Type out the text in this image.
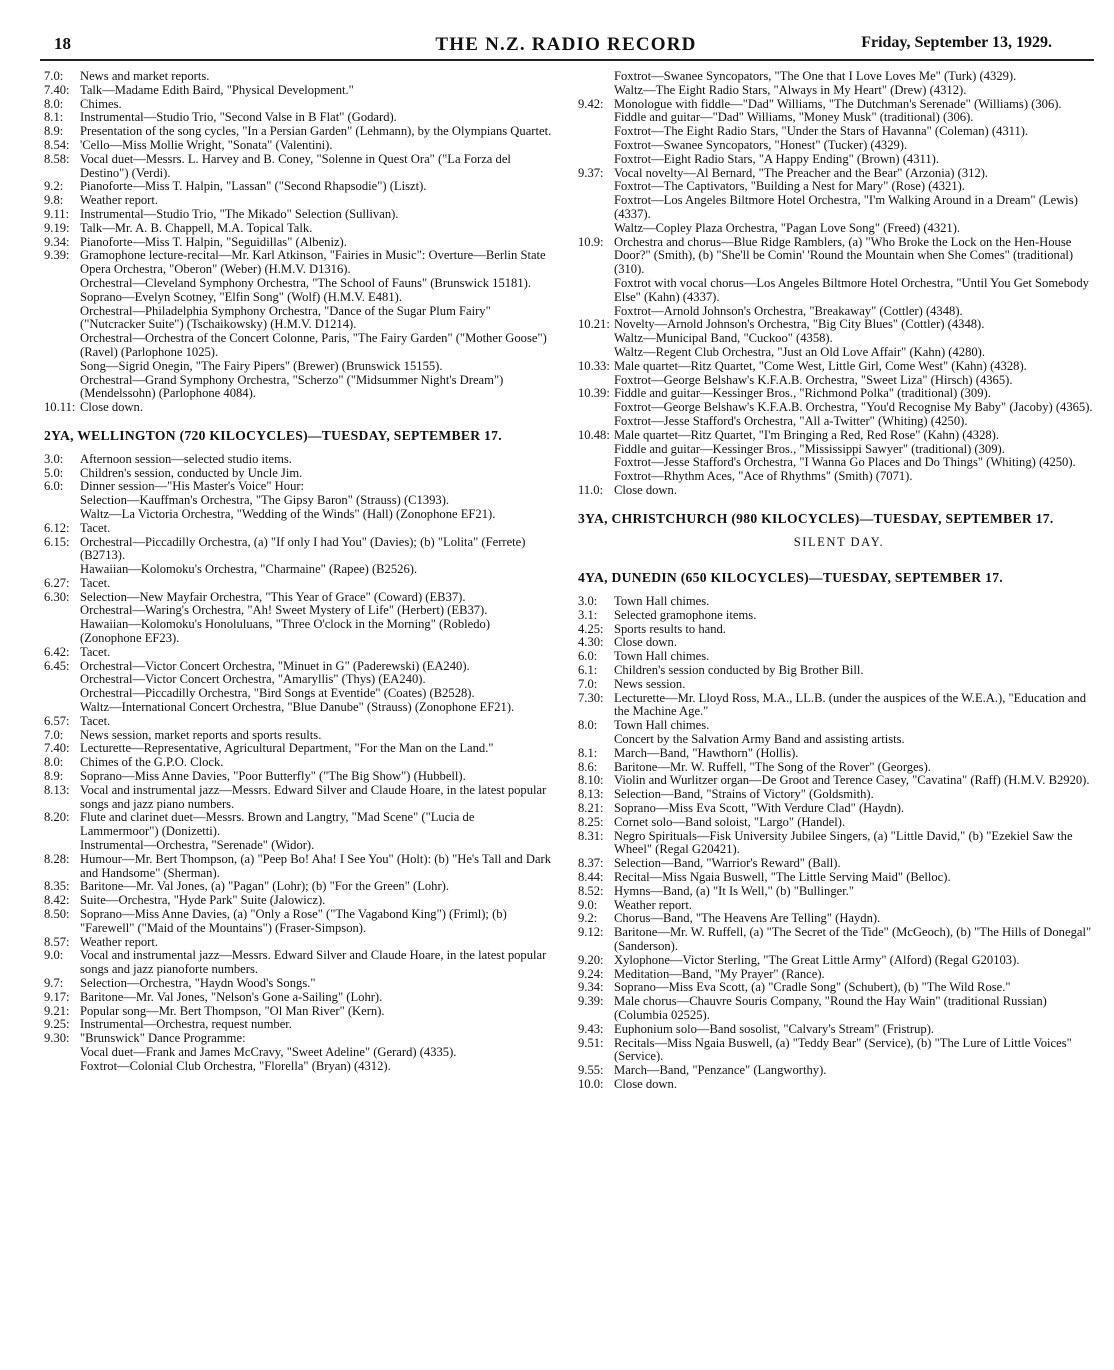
18	THE N.Z. RADIO RECORD	Friday, September 13, 1929.
7.0:	News and market reports.
7.40: Talk—Madame Edith Baird, "Physical Development."
8.0:	Chimes.
8.1:	Instrumental—Studio Trio, "Second Valse in B Flat" (Godard).
8.9:	Presentation of the song cycles, "In a Persian Garden" (Lehmann), by the Olympians Quartet.
8.54: 'Cello—Miss Mollie Wright, "Sonata" (Valentini).
8.58: Vocal duet—Messrs. L. Harvey and B. Coney, "Solenne in Quest Ora" ("La Forza del Destino") (Verdi).
9.2:	Pianoforte—Miss T. Halpin, "Lassan" ("Second Rhapsodie") (Liszt).
9.8:	Weather report.
9.11: Instrumental—Studio Trio, "The Mikado" Selection (Sullivan).
9.19: Talk—Mr. A. B. Chappell, M.A. Topical Talk.
9.34: Pianoforte—Miss T. Halpin, "Seguidillas" (Albeniz).
9.39: Gramophone lecture-recital—Mr. Karl Atkinson, "Fairies in Music": Overture—Berlin State Opera Orchestra, "Oberon" (Weber) (H.M.V. D1316).
Orchestral—Cleveland Symphony Orchestra, "The School of Fauns" (Brunswick 15181).
Soprano—Evelyn Scotney, "Elfin Song" (Wolf) (H.M.V. E481).
Orchestral—Philadelphia Symphony Orchestra, "Dance of the Sugar Plum Fairy" ("Nutcracker Suite") (Tschaikowsky) (H.M.V. D1214).
Orchestral—Orchestra of the Concert Colonne, Paris, "The Fairy Garden" ("Mother Goose") (Ravel) (Parlophone 1025).
Song—Sigrid Onegin, "The Fairy Pipers" (Brewer) (Brunswick 15155).
Orchestral—Grand Symphony Orchestra, "Scherzo" ("Midsummer Night's Dream") (Mendelssohn) (Parlophone 4084).
10.11: Close down.
2YA, WELLINGTON (720 KILOCYCLES)—TUESDAY, SEPTEMBER 17.
3.0:	Afternoon session—selected studio items.
5.0:	Children's session, conducted by Uncle Jim.
6.0:	Dinner session—"His Master's Voice" Hour:
Selection—Kauffman's Orchestra, "The Gipsy Baron" (Strauss) (C1393).
Waltz—La Victoria Orchestra, "Wedding of the Winds" (Hall) (Zonophone EF21).
6.12: Tacet.
6.15: Orchestral—Piccadilly Orchestra, (a) "If only I had You" (Davies); (b) "Lolita" (Ferrete) (B2713).
Hawaiian—Kolomoku's Orchestra, "Charmaine" (Rapee) (B2526).
6.27: Tacet.
6.30: Selection—New Mayfair Orchestra, "This Year of Grace" (Coward) (EB37).
Orchestral—Waring's Orchestra, "Ah! Sweet Mystery of Life" (Herbert) (EB37).
Hawaiian—Kolomoku's Honoluluans, "Three O'clock in the Morning" (Robledo) (Zonophone EF23).
6.42: Tacet.
6.45: Orchestral—Victor Concert Orchestra, "Minuet in G" (Paderewski) (EA240).
Orchestral—Victor Concert Orchestra, "Amaryllis" (Thys) (EA240).
Orchestral—Piccadilly Orchestra, "Bird Songs at Eventide" (Coates) (B2528).
Waltz—International Concert Orchestra, "Blue Danube" (Strauss) (Zonophone EF21).
6.57: Tacet.
7.0:	News session, market reports and sports results.
7.40: Lecturette—Representative, Agricultural Department, "For the Man on the Land."
8.0:	Chimes of the G.P.O. Clock.
8.9:	Soprano—Miss Anne Davies, "Poor Butterfly" ("The Big Show") (Hubbell).
8.13: Vocal and instrumental jazz—Messrs. Edward Silver and Claude Hoare, in the latest popular songs and jazz piano numbers.
8.20: Flute and clarinet duet—Messrs. Brown and Langtry, "Mad Scene" ("Lucia de Lammermoor") (Donizetti).
Instrumental—Orchestra, "Serenade" (Widor).
8.28: Humour—Mr. Bert Thompson, (a) "Peep Bo! Aha! I See You" (Holt): (b) "He's Tall and Dark and Handsome" (Sherman).
8.35: Baritone—Mr. Val Jones, (a) "Pagan" (Lohr); (b) "For the Green" (Lohr).
8.42: Suite—Orchestra, "Hyde Park" Suite (Jalowicz).
8.50: Soprano—Miss Anne Davies, (a) "Only a Rose" ("The Vagabond King") (Friml); (b) "Farewell" ("Maid of the Mountains") (Fraser-Simpson).
8.57: Weather report.
9.0:	Vocal and instrumental jazz—Messrs. Edward Silver and Claude Hoare, in the latest popular songs and jazz pianoforte numbers.
9.7:	Selection—Orchestra, "Haydn Wood's Songs."
9.17: Baritone—Mr. Val Jones, "Nelson's Gone a-Sailing" (Lohr).
9.21: Popular song—Mr. Bert Thompson, "Ol Man River" (Kern).
9.25: Instrumental—Orchestra, request number.
9.30: "Brunswick" Dance Programme:
Vocal duet—Frank and James McCravy, "Sweet Adeline" (Gerard) (4335).
Foxtrot—Colonial Club Orchestra, "Florella" (Bryan) (4312).
Foxtrot—Swanee Syncopators, "The One that I Love Loves Me" (Turk) (4329).
Waltz—The Eight Radio Stars, "Always in My Heart" (Drew) (4312).
9.42: Monologue with fiddle—"Dad" Williams, "The Dutchman's Serenade" (Williams) (306).
Fiddle and guitar—"Dad" Williams, "Money Musk" (traditional) (306).
Foxtrot—The Eight Radio Stars, "Under the Stars of Havanna" (Coleman) (4311).
Foxtrot—Swanee Syncopators, "Honest" (Tucker) (4329).
Foxtrot—Eight Radio Stars, "A Happy Ending" (Brown) (4311).
9.37: Vocal novelty—Al Bernard, "The Preacher and the Bear" (Arzonia) (312).
Foxtrot—The Captivators, "Building a Nest for Mary" (Rose) (4321).
Foxtrot—Los Angeles Biltmore Hotel Orchestra, "I'm Walking Around in a Dream" (Lewis) (4337).
Waltz—Copley Plaza Orchestra, "Pagan Love Song" (Freed) (4321).
10.9: Orchestra and chorus—Blue Ridge Ramblers, (a) "Who Broke the Lock on the Hen-House Door?" (Smith), (b) "She'll be Comin' 'Round the Mountain when She Comes" (traditional) (310).
Foxtrot with vocal chorus—Los Angeles Biltmore Hotel Orchestra, "Until You Get Somebody Else" (Kahn) (4337).
Foxtrot—Arnold Johnson's Orchestra, "Breakaway" (Cottler) (4348).
10.21: Novelty—Arnold Johnson's Orchestra, "Big City Blues" (Cottler) (4348).
Waltz—Municipal Band, "Cuckoo" (4358).
Waltz—Regent Club Orchestra, "Just an Old Love Affair" (Kahn) (4280).
10.33: Male quartet—Ritz Quartet, "Come West, Little Girl, Come West" (Kahn) (4328).
Foxtrot—George Belshaw's K.F.A.B. Orchestra, "Sweet Liza" (Hirsch) (4365).
10.39: Fiddle and guitar—Kessinger Bros., "Richmond Polka" (traditional) (309).
Foxtrot—George Belshaw's K.F.A.B. Orchestra, "You'd Recognise My Baby" (Jacoby) (4365).
Foxtrot—Jesse Stafford's Orchestra, "All a-Twitter" (Whiting) (4250).
10.48: Male quartet—Ritz Quartet, "I'm Bringing a Red, Red Rose" (Kahn) (4328).
Fiddle and guitar—Kessinger Bros., "Mississippi Sawyer" (traditional) (309).
Foxtrot—Jesse Stafford's Orchestra, "I Wanna Go Places and Do Things" (Whiting) (4250).
Foxtrot—Rhythm Aces, "Ace of Rhythms" (Smith) (7071).
11.0: Close down.
3YA, CHRISTCHURCH (980 KILOCYCLES)—TUESDAY, SEPTEMBER 17.
SILENT DAY.
4YA, DUNEDIN (650 KILOCYCLES)—TUESDAY, SEPTEMBER 17.
3.0:	Town Hall chimes.
3.1:	Selected gramophone items.
4.25: Sports results to hand.
4.30: Close down.
6.0:	Town Hall chimes.
6.1:	Children's session conducted by Big Brother Bill.
7.0:	News session.
7.30: Lecturette—Mr. Lloyd Ross, M.A., LL.B. (under the auspices of the W.E.A.), "Education and the Machine Age."
8.0:	Town Hall chimes.
Concert by the Salvation Army Band and assisting artists.
8.1:	March—Band, "Hawthorn" (Hollis).
8.6:	Baritone—Mr. W. Ruffell, "The Song of the Rover" (Georges).
8.10: Violin and Wurlitzer organ—De Groot and Terence Casey, "Cavatina" (Raff) (H.M.V. B2920).
8.13: Selection—Band, "Strains of Victory" (Goldsmith).
8.21: Soprano—Miss Eva Scott, "With Verdure Clad" (Haydn).
8.25: Cornet solo—Band soloist, "Largo" (Handel).
8.31: Negro Spirituals—Fisk University Jubilee Singers, (a) "Little David," (b) "Ezekiel Saw the Wheel" (Regal G20421).
8.37: Selection—Band, "Warrior's Reward" (Ball).
8.44: Recital—Miss Ngaia Buswell, "The Little Serving Maid" (Belloc).
8.52: Hymns—Band, (a) "It Is Well," (b) "Bullinger."
9.0:	Weather report.
9.2:	Chorus—Band, "The Heavens Are Telling" (Haydn).
9.12: Baritone—Mr. W. Ruffell, (a) "The Secret of the Tide" (McGeoch), (b) "The Hills of Donegal" (Sanderson).
9.20: Xylophone—Victor Sterling, "The Great Little Army" (Alford) (Regal G20103).
9.24: Meditation—Band, "My Prayer" (Rance).
9.34: Soprano—Miss Eva Scott, (a) "Cradle Song" (Schubert), (b) "The Wild Rose."
9.39: Male chorus—Chauvre Souris Company, "Round the Hay Wain" (traditional Russian) (Columbia 02525).
9.43: Euphonium solo—Band sosolist, "Calvary's Stream" (Fristrup).
9.51: Recitals—Miss Ngaia Buswell, (a) "Teddy Bear" (Service), (b) "The Lure of Little Voices" (Service).
9.55: March—Band, "Penzance" (Langworthy).
10.0: Close down.
